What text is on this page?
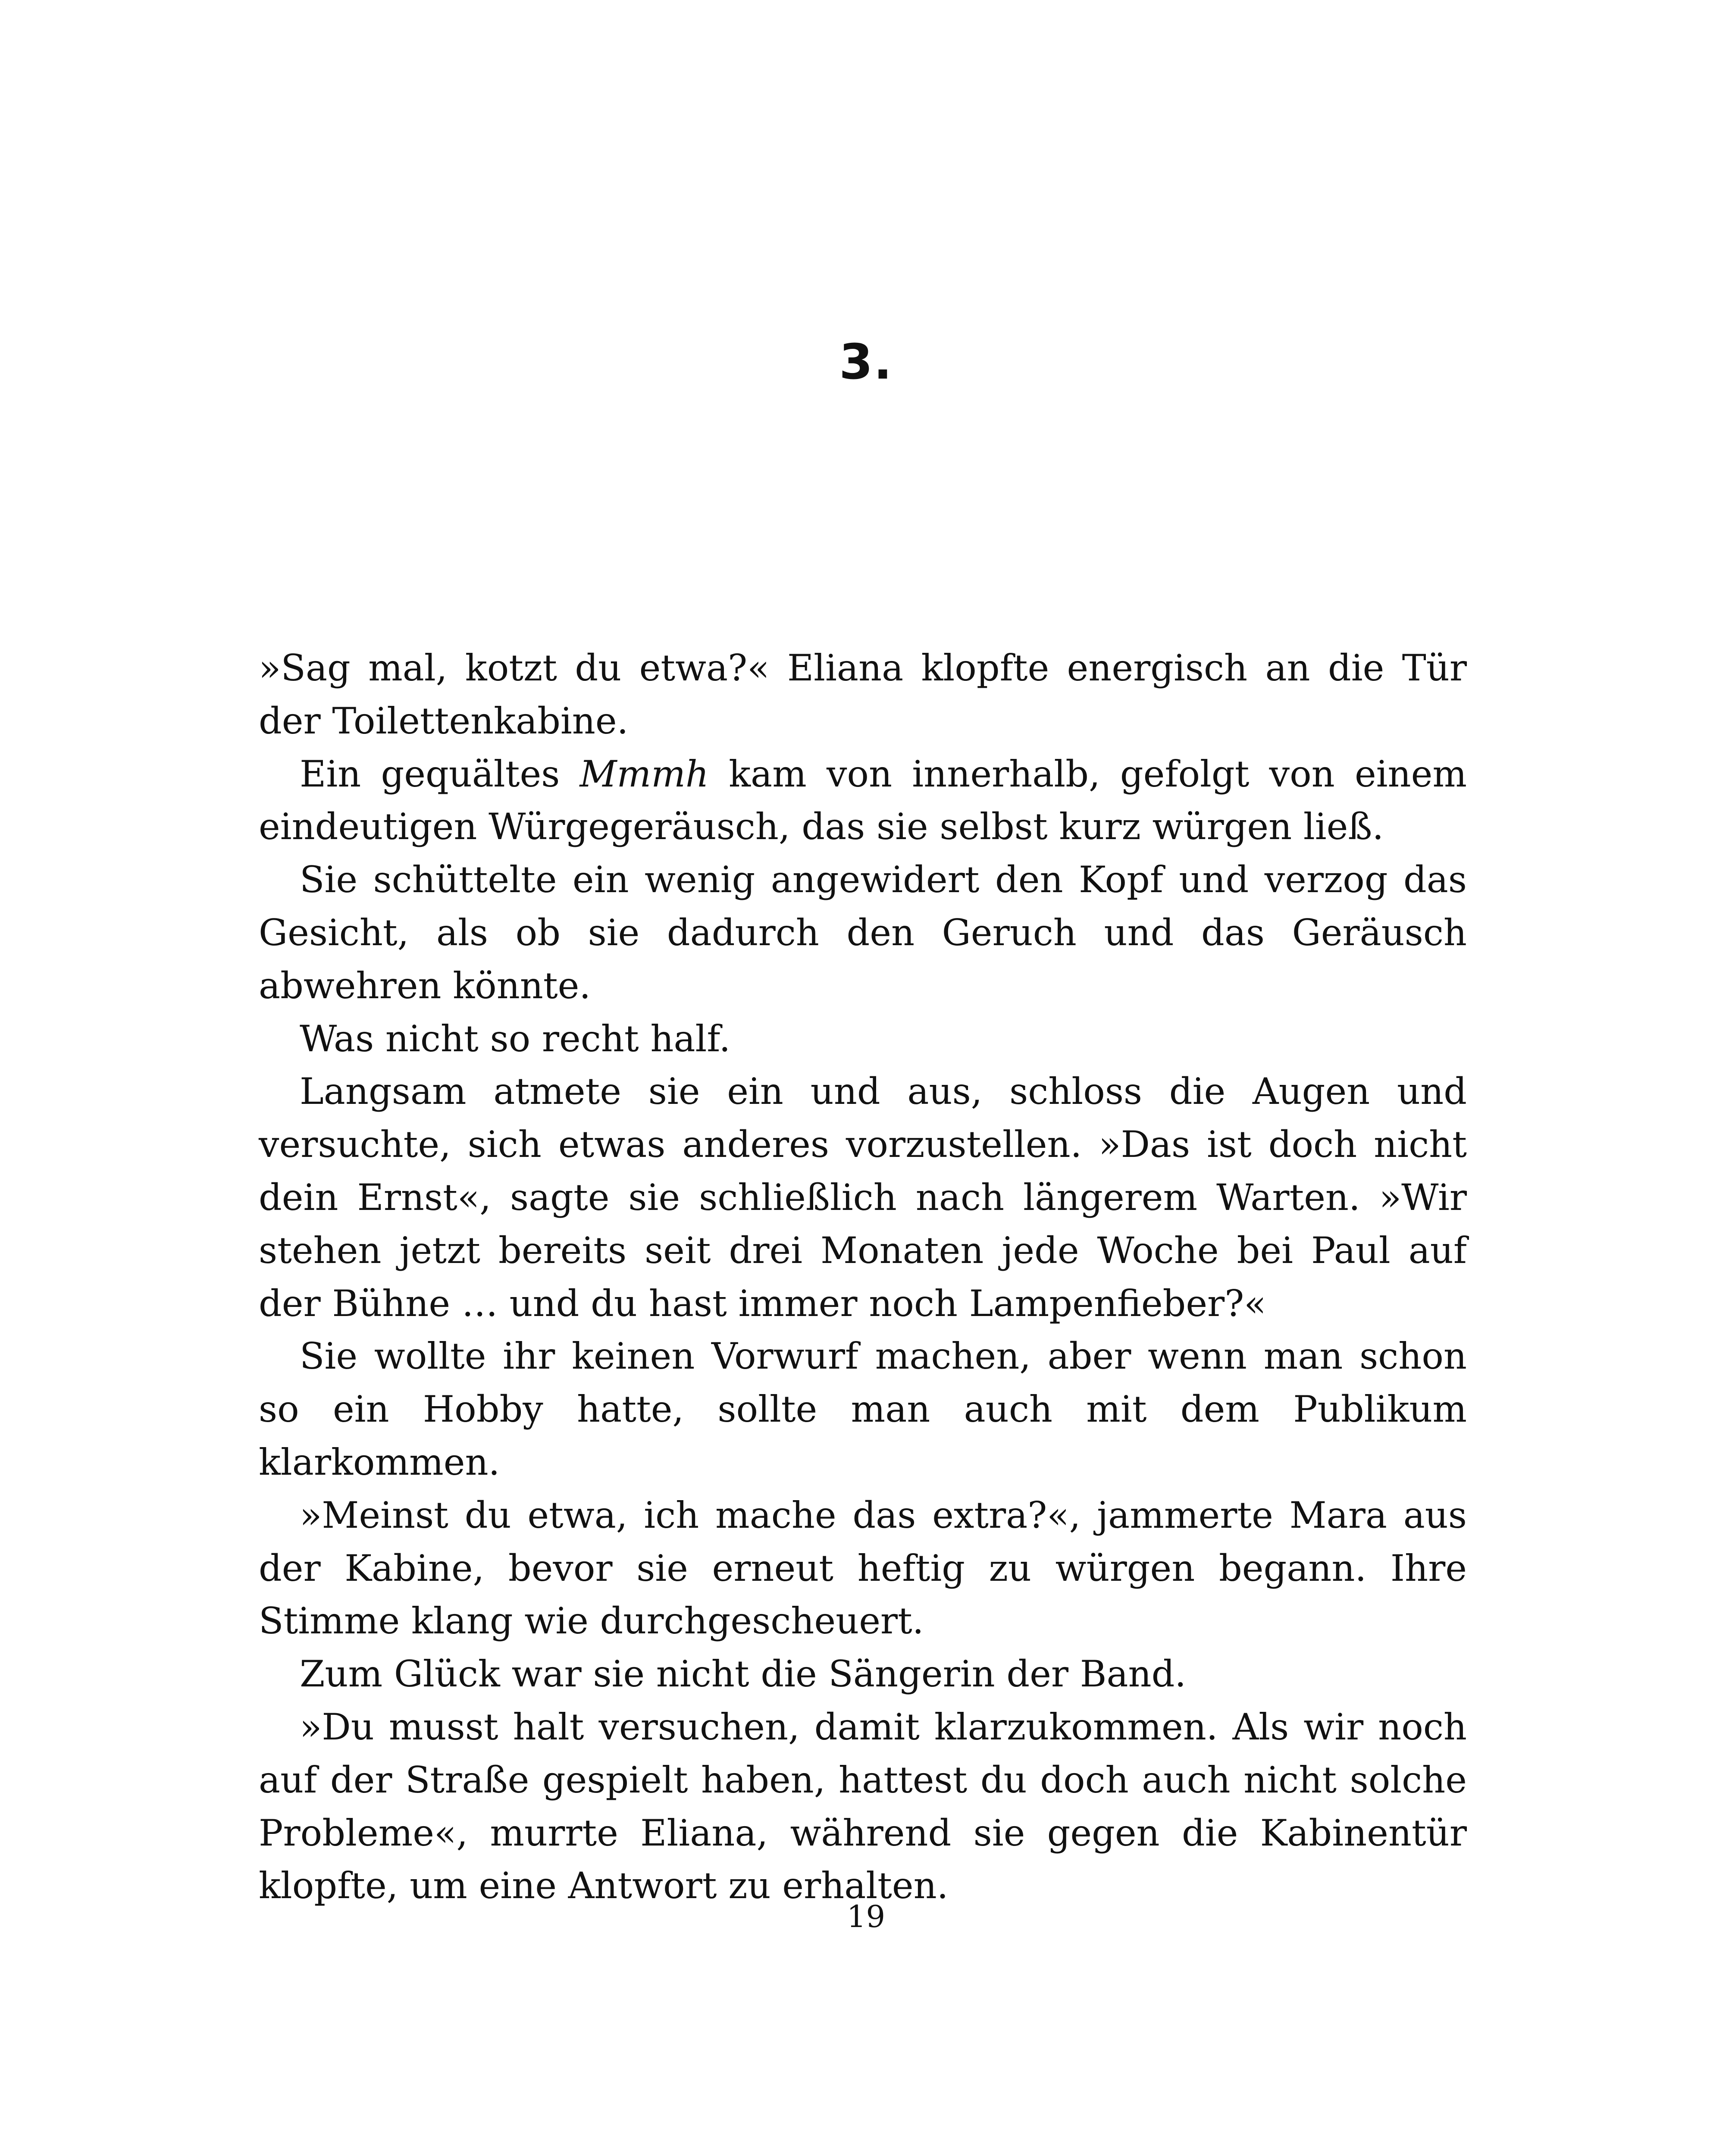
3.

»Sag mal, kotzt du etwa?« Eliana klopfte energisch an die Tür der Toilettenkabine.

Ein gequältes Mmmh kam von innerhalb, gefolgt von einem eindeutigen Würgegeräusch, das sie selbst kurz würgen ließ.

Sie schüttelte ein wenig angewidert den Kopf und verzog das Gesicht, als ob sie dadurch den Geruch und das Geräusch abwehren könnte.

Was nicht so recht half.

Langsam atmete sie ein und aus, schloss die Augen und versuchte, sich etwas anderes vorzustellen. »Das ist doch nicht dein Ernst«, sagte sie schließlich nach längerem Warten. »Wir stehen jetzt bereits seit drei Monaten jede Woche bei Paul auf der Bühne … und du hast immer noch Lampenfieber?«

Sie wollte ihr keinen Vorwurf machen, aber wenn man schon so ein Hobby hatte, sollte man auch mit dem Publikum klarkommen.

»Meinst du etwa, ich mache das extra?«, jammerte Mara aus der Kabine, bevor sie erneut heftig zu würgen begann. Ihre Stimme klang wie durchgescheuert.

Zum Glück war sie nicht die Sängerin der Band.

»Du musst halt versuchen, damit klarzukommen. Als wir noch auf der Straße gespielt haben, hattest du doch auch nicht solche Probleme«, murrte Eliana, während sie gegen die Kabinentür klopfte, um eine Antwort zu erhalten.

19
